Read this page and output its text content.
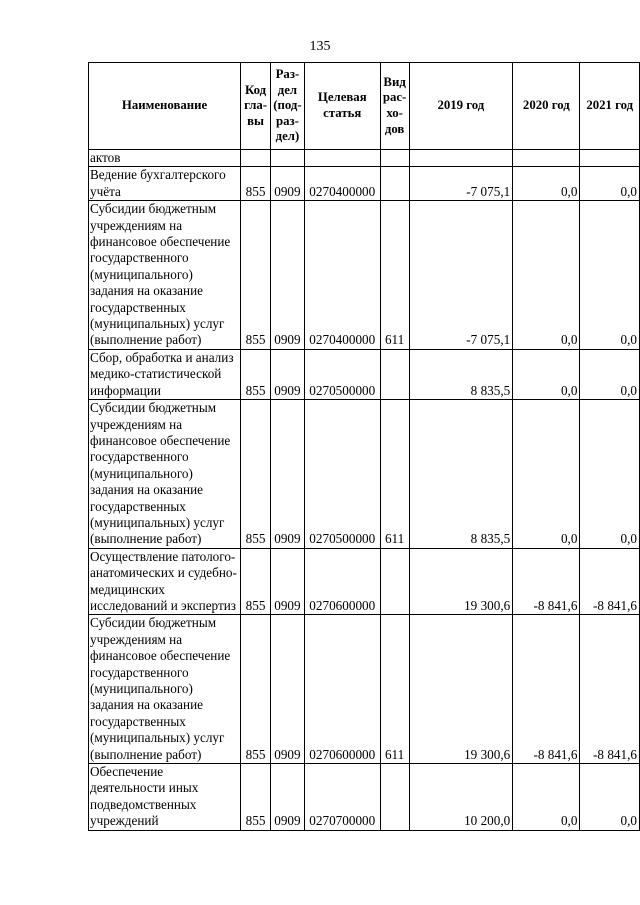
135
Наименование	Код гла-вы	Раз-дел (под-раз-дел)	Целевая статья	Вид рас-хо-дов	2019 год	2020 год	2021 год
актов							
Ведение бухгалтерского учёта	855	0909	0270400000		-7 075,1	0,0	0,0
Субсидии бюджетным учреждениям на финансовое обеспечение государственного (муниципального) задания на оказание государственных (муниципальных) услуг (выполнение работ)	855	0909	0270400000	611	-7 075,1	0,0	0,0
Сбор, обработка и анализ медико-статистической информации	855	0909	0270500000		8 835,5	0,0	0,0
Субсидии бюджетным учреждениям на финансовое обеспечение государственного (муниципального) задания на оказание государственных (муниципальных) услуг (выполнение работ)	855	0909	0270500000	611	8 835,5	0,0	0,0
Осуществление патолого-анатомических и судебно-медицинских исследований и экспертиз	855	0909	0270600000		19 300,6	-8 841,6	-8 841,6
Субсидии бюджетным учреждениям на финансовое обеспечение государственного (муниципального) задания на оказание государственных (муниципальных) услуг (выполнение работ)	855	0909	0270600000	611	19 300,6	-8 841,6	-8 841,6
Обеспечение деятельности иных подведомственных учреждений	855	0909	0270700000		10 200,0	0,0	0,0
